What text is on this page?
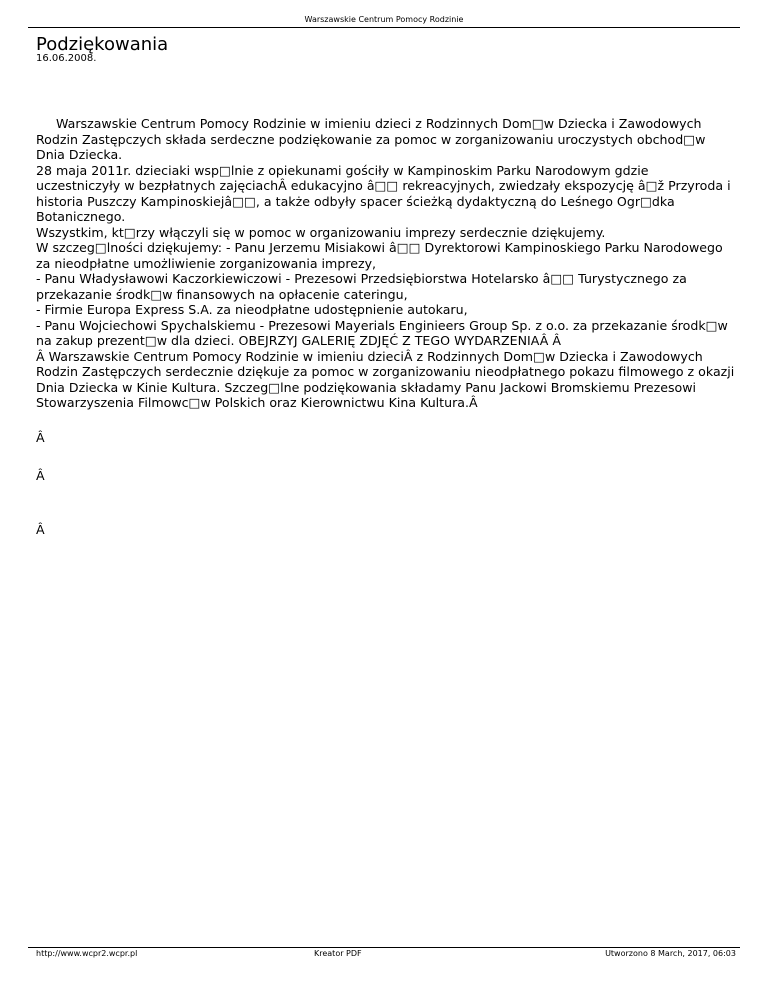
Warszawskie Centrum Pomocy Rodzinie
Podziękowania
16.06.2008.

Warszawskie Centrum Pomocy Rodzinie w imieniu dzieci z Rodzinnych Dom□w Dziecka i Zawodowych Rodzin Zastępczych składa serdeczne podziękowanie za pomoc w zorganizowaniu uroczystych obchod□w Dnia Dziecka.

28 maja 2011r. dzieciaki wsp□lnie z opiekunami gościły w Kampinoskim Parku Narodowym gdzie uczestniczyły w bezpłatnych zajęciachÂ edukacyjno â□□ rekreacyjnych, zwiedzały ekspozycję â□ž Przyroda i historia Puszczy Kampinoskiejâ□□, a także odbyły spacer ścieżką dydaktyczną do Leśnego Ogr□dka Botanicznego.

Wszystkim, kt□rzy włączyli się w pomoc w organizowaniu imprezy serdecznie dziękujemy.

W szczeg□lności dziękujemy: - Panu Jerzemu Misiakowi â□□ Dyrektorowi Kampinoskiego Parku Narodowego za nieodpłatne umożliwienie zorganizowania imprezy,

- Panu Władysławowi Kaczorkiewiczowi - Prezesowi Przedsiębiorstwa Hotelarsko â□□ Turystycznego za przekazanie środk□w finansowych na opłacenie cateringu,

- Firmie Europa Express S.A. za nieodpłatne udostępnienie autokaru,

- Panu Wojciechowi Spychalskiemu - Prezesowi Mayerials Enginieers Group Sp. z o.o. za przekazanie środk□w na zakup prezent□w dla dzieci. OBEJRZYJ GALERIĘ ZDJĘĆ Z TEGO WYDARZENIAÂ Â

Â Warszawskie Centrum Pomocy Rodzinie w imieniu dzieciÂ z Rodzinnych Dom□w Dziecka i Zawodowych Rodzin Zastępczych serdecznie dziękuje za pomoc w zorganizowaniu nieodpłatnego pokazu filmowego z okazji Dnia Dziecka w Kinie Kultura. Szczeg□lne podziękowania składamy Panu Jackowi Bromskiemu Prezesowi Stowarzyszenia Filmowc□w Polskich oraz Kierownictwu Kina Kultura.Â

Â

Â

Â

http://www.wcpr2.wcpr.pl	Kreator PDF	Utworzono 8 March, 2017, 06:03
